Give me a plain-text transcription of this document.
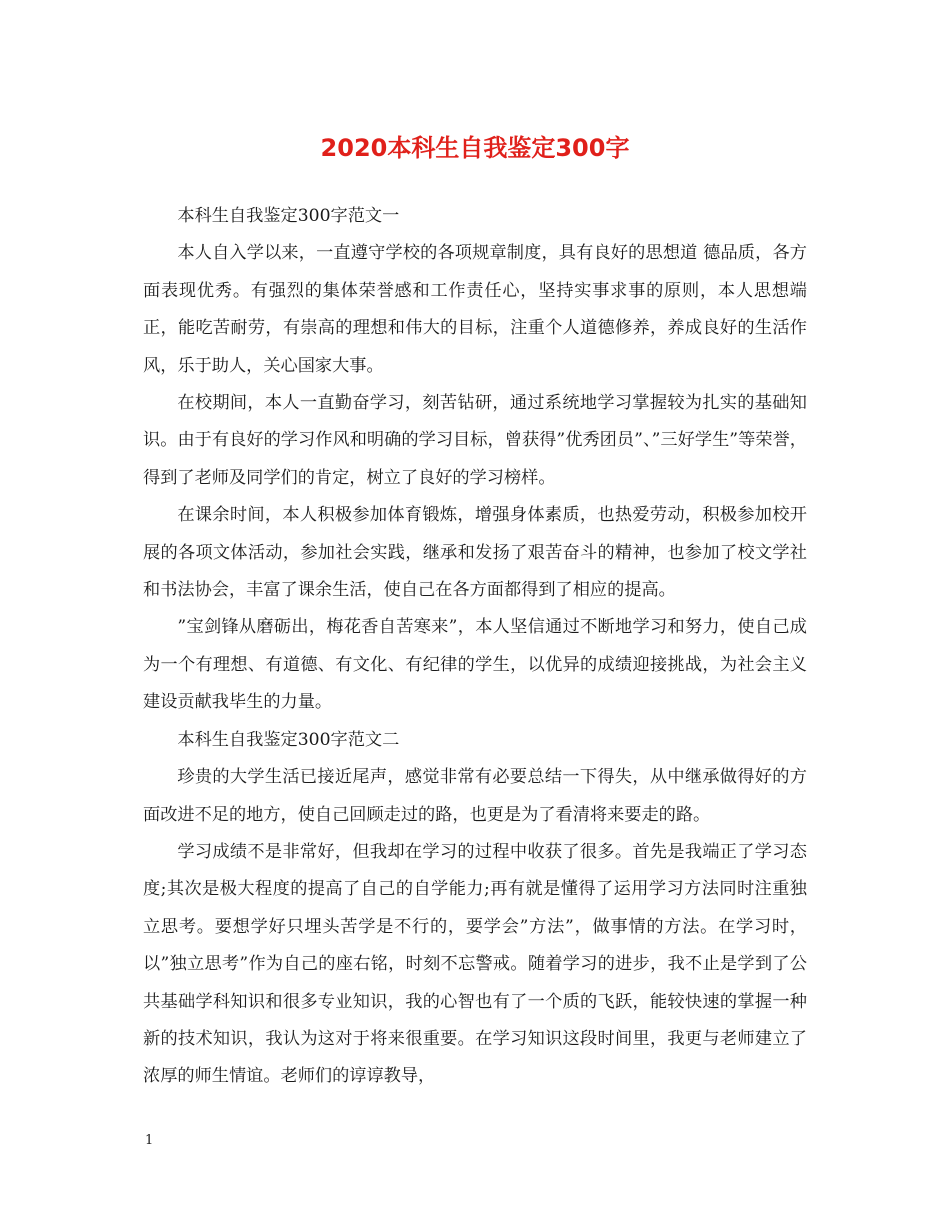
2020本科生自我鉴定300字

本科生自我鉴定300字范文一

本人自入学以来，一直遵守学校的各项规章制度，具有良好的思想道 德品质，各方面表现优秀。有强烈的集体荣誉感和工作责任心，坚持实事求事的原则，本人思想端正，能吃苦耐劳，有崇高的理想和伟大的目标，注重个人道德修养，养成良好的生活作风，乐于助人，关心国家大事。

在校期间，本人一直勤奋学习，刻苦钻研，通过系统地学习掌握较为扎实的基础知识。由于有良好的学习作风和明确的学习目标，曾获得”优秀团员”、”三好学生”等荣誉，得到了老师及同学们的肯定，树立了良好的学习榜样。

在课余时间，本人积极参加体育锻炼，增强身体素质，也热爱劳动，积极参加校开展的各项文体活动，参加社会实践，继承和发扬了艰苦奋斗的精神，也参加了校文学社和书法协会，丰富了课余生活，使自己在各方面都得到了相应的提高。

”宝剑锋从磨砺出，梅花香自苦寒来”，本人坚信通过不断地学习和努力，使自己成为一个有理想、有道德、有文化、有纪律的学生，以优异的成绩迎接挑战，为社会主义建设贡献我毕生的力量。

本科生自我鉴定300字范文二

珍贵的大学生活已接近尾声，感觉非常有必要总结一下得失，从中继承做得好的方面改进不足的地方，使自己回顾走过的路，也更是为了看清将来要走的路。

学习成绩不是非常好，但我却在学习的过程中收获了很多。首先是我端正了学习态度;其次是极大程度的提高了自己的自学能力;再有就是懂得了运用学习方法同时注重独立思考。要想学好只埋头苦学是不行的，要学会”方法”，做事情的方法。在学习时，以”独立思考”作为自己的座右铭，时刻不忘警戒。随着学习的进步，我不止是学到了公共基础学科知识和很多专业知识，我的心智也有了一个质的飞跃，能较快速的掌握一种新的技术知识，我认为这对于将来很重要。在学习知识这段时间里，我更与老师建立了浓厚的师生情谊。老师们的谆谆教导，

1
